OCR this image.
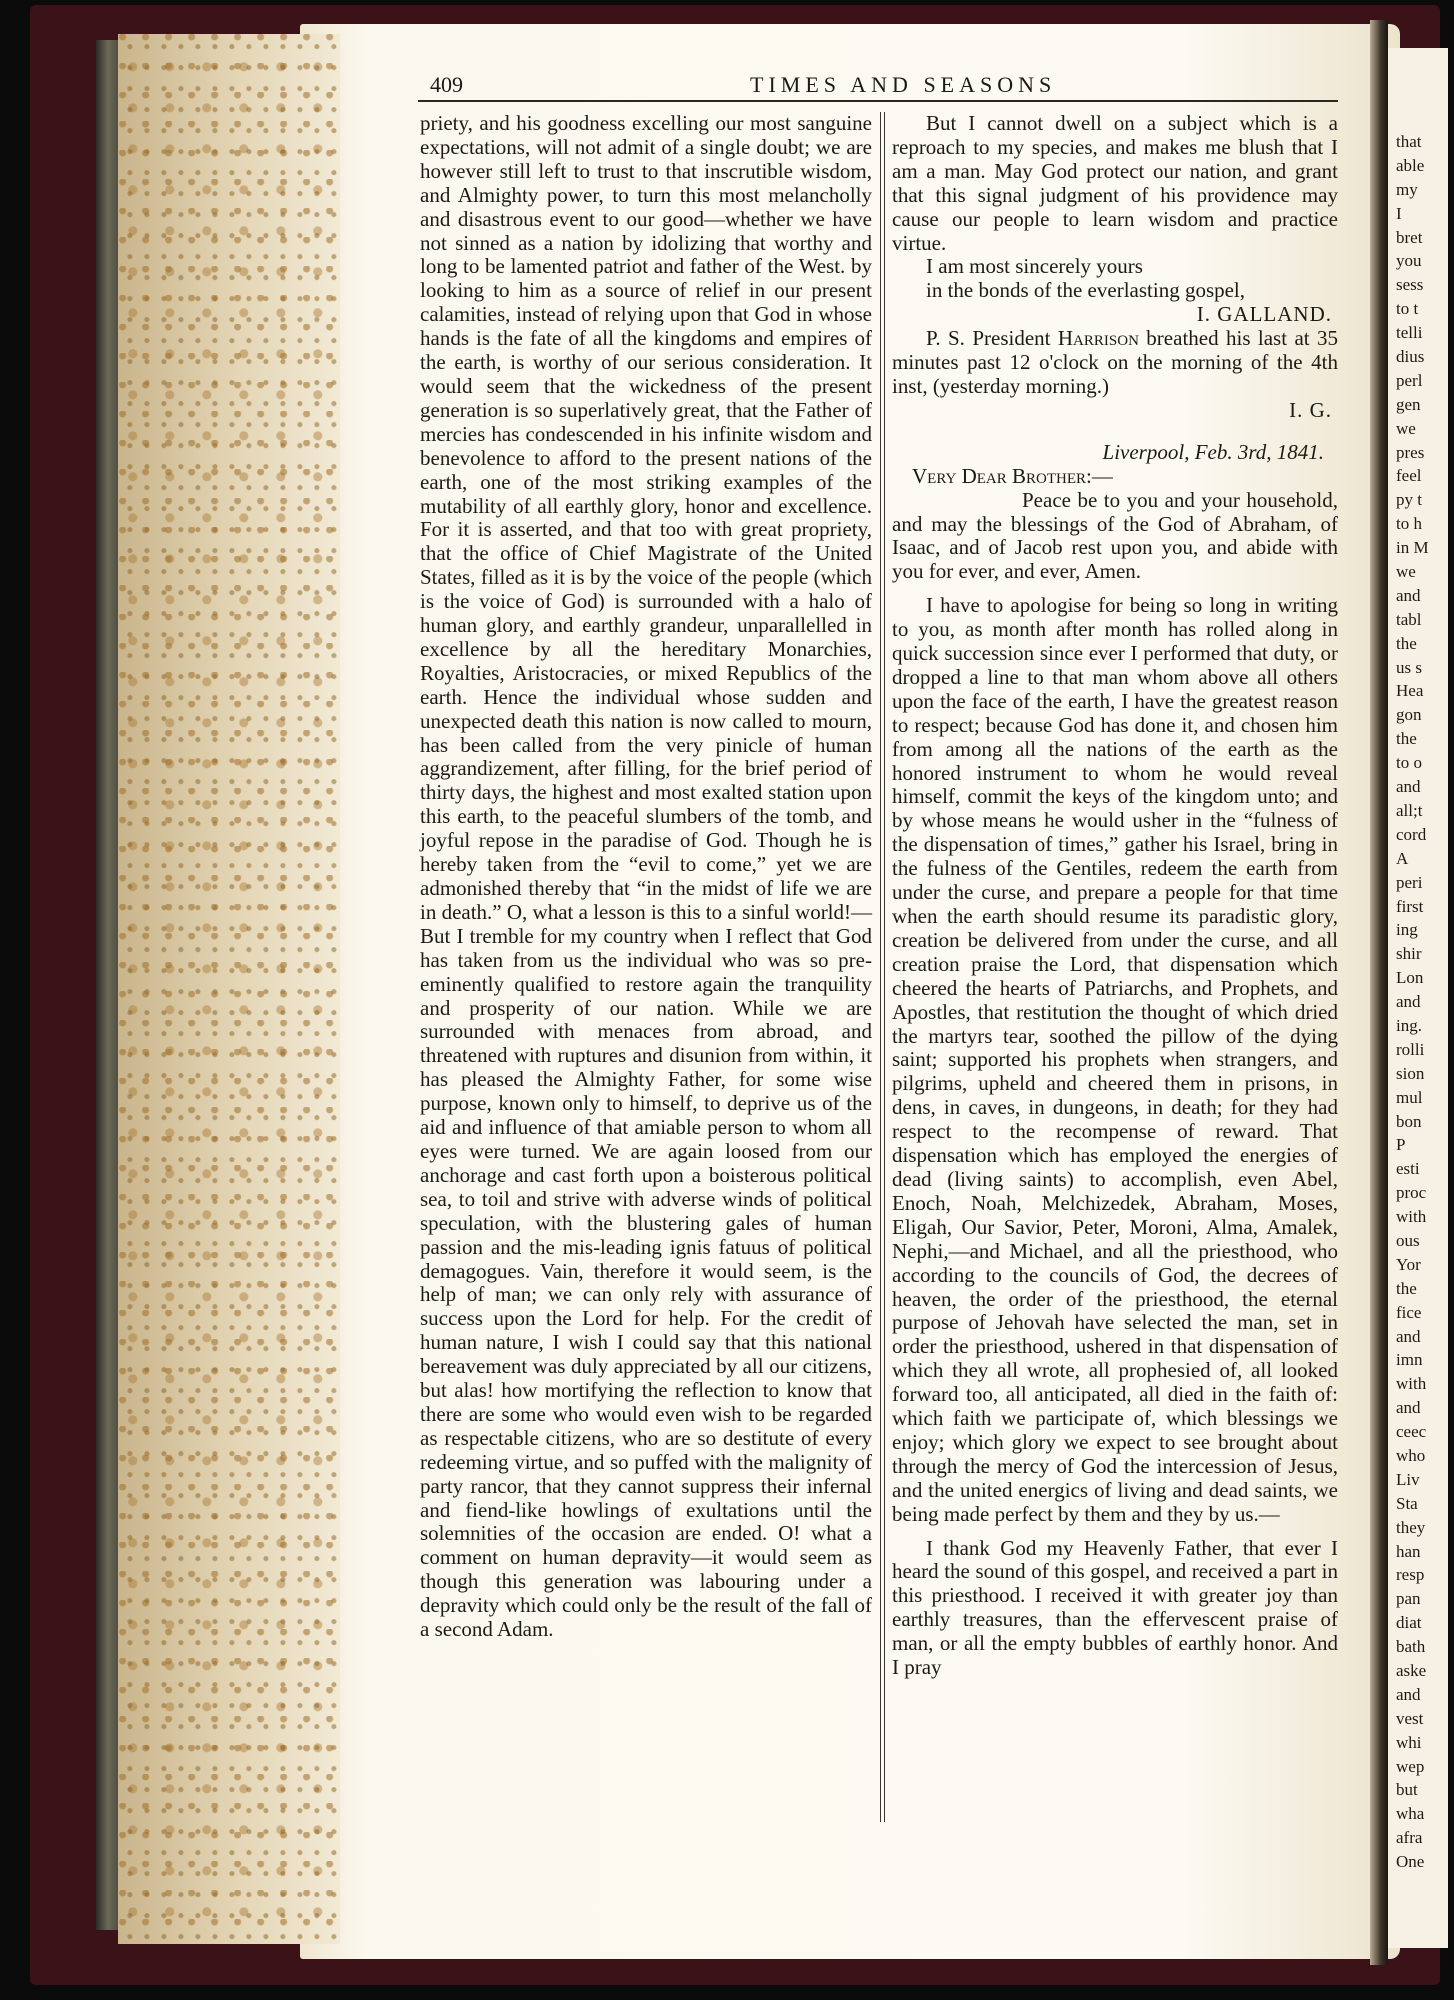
that
able
my
I
bret
you
sess
to t
telli
dius
perl
gen
we
pres
feel
py t
to h
in M
we
and
tabl
the
us s
Hea
gon
the
to o
and
all;t
cord
A
peri
first
ing
shir
Lon
and
ing.
rolli
sion
mul
bon
P
esti
proc
with
ous
Yor
the
fice
and
imn
with
and
ceec
who
Liv
Sta
they
han
resp
pan
diat
bath
aske
and
vest
whi
wep
but
wha
afra
One
409	TIMES AND SEASONS

priety, and his goodness excelling our most sanguine expectations, will not admit of a single doubt; we are however still left to trust to that inscrutible wisdom, and Almighty power, to turn this most melancholly and disastrous event to our good—whether we have not sinned as a nation by idolizing that worthy and long to be lamented patriot and father of the West. by looking to him as a source of relief in our present calamities, instead of relying upon that God in whose hands is the fate of all the kingdoms and empires of the earth, is worthy of our serious consideration. It would seem that the wickedness of the present generation is so superlatively great, that the Father of mercies has condescended in his infinite wisdom and benevolence to afford to the present nations of the earth, one of the most striking examples of the mutability of all earthly glory, honor and excellence. For it is asserted, and that too with great propriety, that the office of Chief Magistrate of the United States, filled as it is by the voice of the people (which is the voice of God) is surrounded with a halo of human glory, and earthly grandeur, unparallelled in excellence by all the hereditary Monarchies, Royalties, Aristocracies, or mixed Republics of the earth. Hence the individual whose sudden and unexpected death this nation is now called to mourn, has been called from the very pinicle of human aggrandizement, after filling, for the brief period of thirty days, the highest and most exalted station upon this earth, to the peaceful slumbers of the tomb, and joyful repose in the paradise of God. Though he is hereby taken from the “evil to come,” yet we are admonished thereby that “in the midst of life we are in death.” O, what a lesson is this to a sinful world!—But I tremble for my country when I reflect that God has taken from us the individual who was so pre-eminently qualified to restore again the tranquility and prosperity of our nation. While we are surrounded with menaces from abroad, and threatened with ruptures and disunion from within, it has pleased the Almighty Father, for some wise purpose, known only to himself, to deprive us of the aid and influence of that amiable person to whom all eyes were turned. We are again loosed from our anchorage and cast forth upon a boisterous political sea, to toil and strive with adverse winds of political speculation, with the blustering gales of human passion and the mis-leading ignis fatuus of political demagogues. Vain, therefore it would seem, is the help of man; we can only rely with assurance of success upon the Lord for help. For the credit of human nature, I wish I could say that this national bereavement was duly appreciated by all our citizens, but alas! how mortifying the reflection to know that there are some who would even wish to be regarded as respectable citizens, who are so destitute of every redeeming virtue, and so puffed with the malignity of party rancor, that they cannot suppress their infernal and fiend-like howlings of exultations until the solemnities of the occasion are ended. O! what a comment on human depravity—it would seem as though this generation was labouring under a depravity which could only be the result of the fall of a second Adam.

But I cannot dwell on a subject which is a reproach to my species, and makes me blush that I am a man. May God protect our nation, and grant that this signal judgment of his providence may cause our people to learn wisdom and practice virtue.

I am most sincerely yours

in the bonds of the everlasting gospel,

I. GALLAND.

P. S. President Harrison breathed his last at 35 minutes past 12 o'clock on the morning of the 4th inst, (yesterday morning.)

I. G.

Liverpool, Feb. 3rd, 1841.

Very Dear Brother:—

Peace be to you and your household, and may the blessings of the God of Abraham, of Isaac, and of Jacob rest upon you, and abide with you for ever, and ever, Amen.

I have to apologise for being so long in writing to you, as month after month has rolled along in quick succession since ever I performed that duty, or dropped a line to that man whom above all others upon the face of the earth, I have the greatest reason to respect; because God has done it, and chosen him from among all the nations of the earth as the honored instrument to whom he would reveal himself, commit the keys of the kingdom unto; and by whose means he would usher in the “fulness of the dispensation of times,” gather his Israel, bring in the fulness of the Gentiles, redeem the earth from under the curse, and prepare a people for that time when the earth should resume its paradistic glory, creation be delivered from under the curse, and all creation praise the Lord, that dispensation which cheered the hearts of Patriarchs, and Prophets, and Apostles, that restitution the thought of which dried the martyrs tear, soothed the pillow of the dying saint; supported his prophets when strangers, and pilgrims, upheld and cheered them in prisons, in dens, in caves, in dungeons, in death; for they had respect to the recompense of reward. That dispensation which has employed the energies of dead (living saints) to accomplish, even Abel, Enoch, Noah, Melchizedek, Abraham, Moses, Eligah, Our Savior, Peter, Moroni, Alma, Amalek, Nephi,—and Michael, and all the priesthood, who according to the councils of God, the decrees of heaven, the order of the priesthood, the eternal purpose of Jehovah have selected the man, set in order the priesthood, ushered in that dispensation of which they all wrote, all prophesied of, all looked forward too, all anticipated, all died in the faith of: which faith we participate of, which blessings we enjoy; which glory we expect to see brought about through the mercy of God the intercession of Jesus, and the united energics of living and dead saints, we being made perfect by them and they by us.—

I thank God my Heavenly Father, that ever I heard the sound of this gospel, and received a part in this priesthood. I received it with greater joy than earthly treasures, than the effervescent praise of man, or all the empty bubbles of earthly honor. And I pray
